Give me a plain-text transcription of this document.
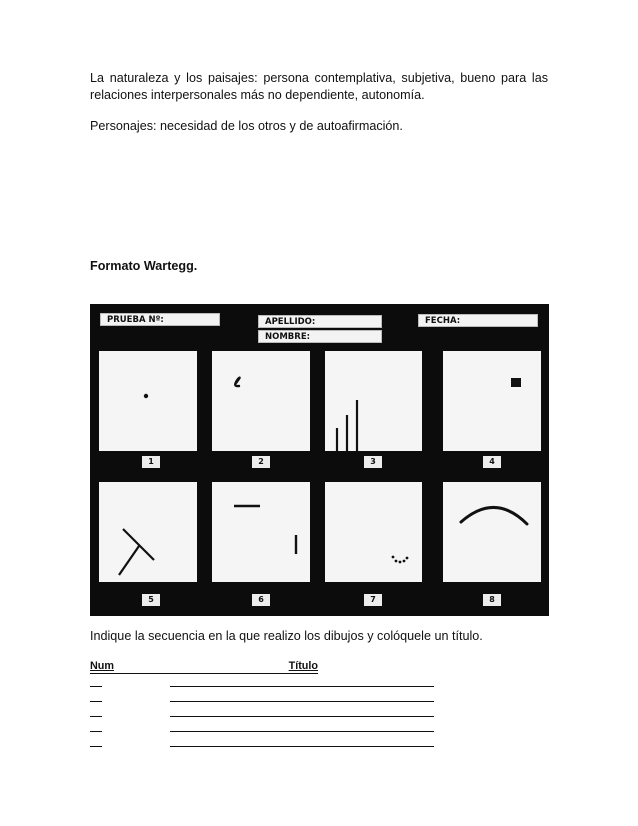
La naturaleza y los paisajes: persona contemplativa, subjetiva, bueno para las relaciones interpersonales más no dependiente, autonomía.

Personajes: necesidad de los otros y de autoafirmación.

Formato Wartegg.

PRUEBA Nº:	APELLIDO:
NOMBRE:
FECHA:
1	2	3	4
5	6	7	8

Indique la secuencia en la que realizo los dibujos y colóquele un título.

Num	Título
